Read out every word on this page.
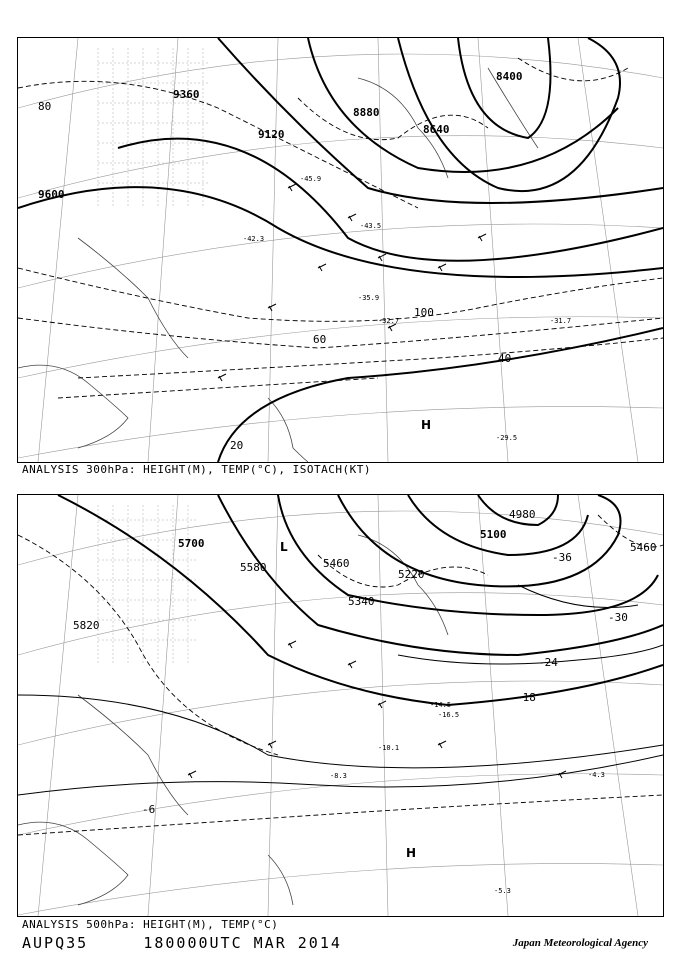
9360
9120
8880
8640
8400
9600
100
80
60
40
20
-45.9
-43.5
-42.3
-35.9
-32.7	-31.7
-29.5
H
ANALYSIS 300hPa: HEIGHT(M), TEMP(°C), ISOTACH(KT)
5700
5580	5460
5340
5220
5100
4980
5820
5460
-36
-30
-24
-18
-6
-16.5
-14.5
-10.1
-8.3
-5.3
-4.3
L
H
ANALYSIS 500hPa: HEIGHT(M), TEMP(°C)
AUPQ35	180000UTC MAR 2014	Japan Meteorological Agency
